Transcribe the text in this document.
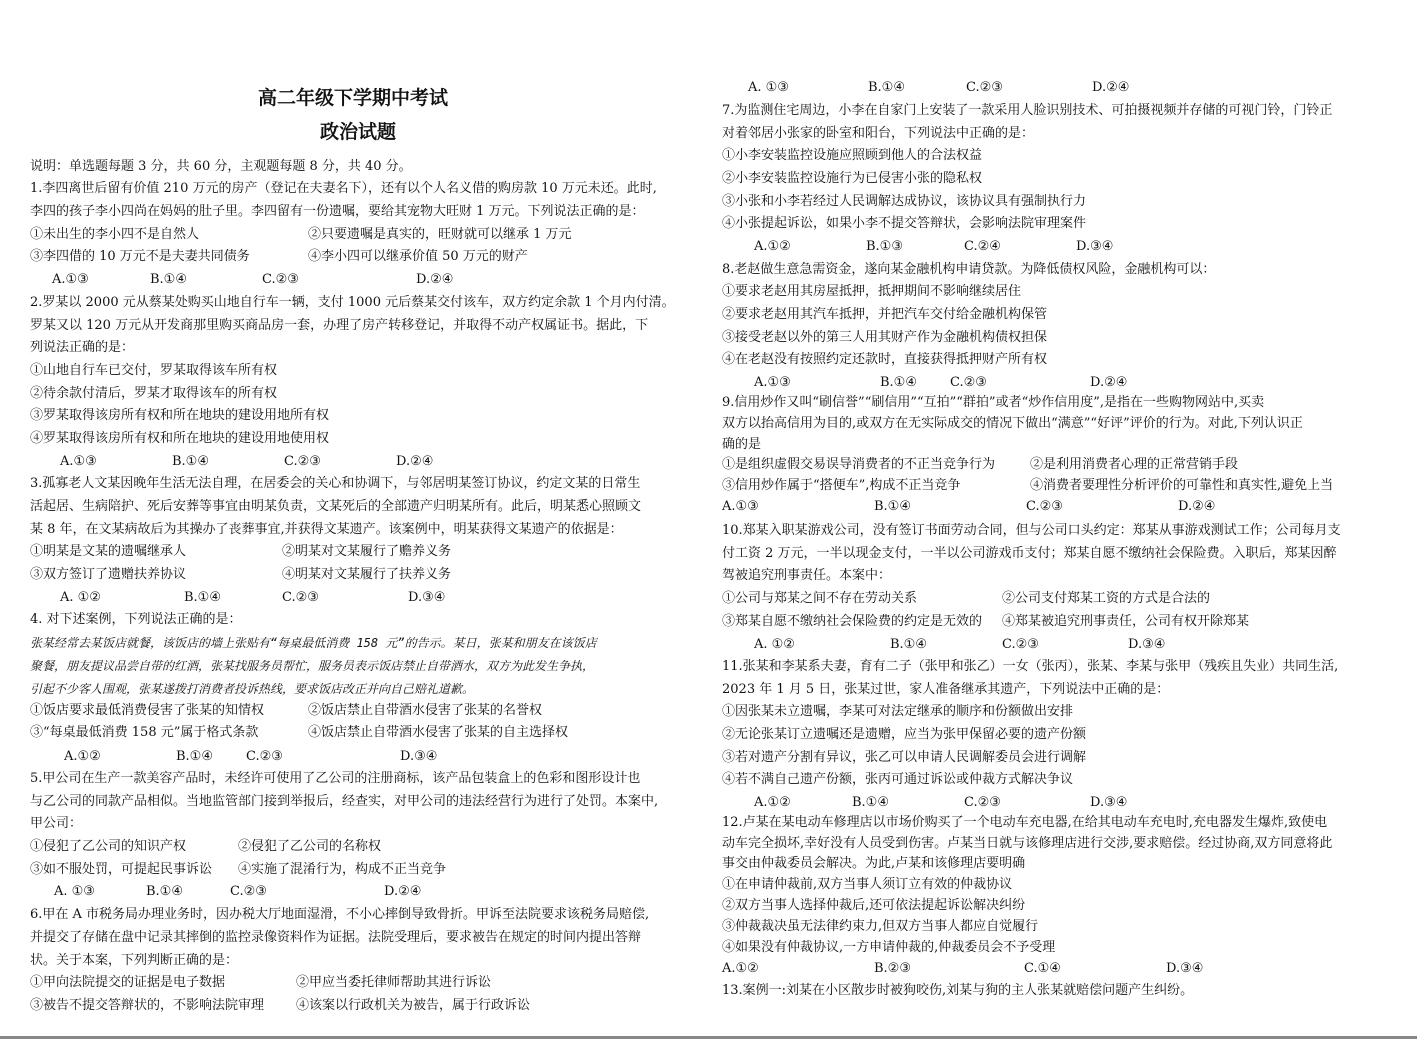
高二年级下学期中考试
政治试题
说明：单选题每题 3 分，共 60 分，主观题每题 8 分，共 40 分。
1.李四离世后留有价值 210 万元的房产（登记在夫妻名下），还有以个人名义借的购房款 10 万元未还。此时,
李四的孩子李小四尚在妈妈的肚子里。李四留有一份遗嘱，要给其宠物大旺财 1 万元。下列说法正确的是：
①未出生的李小四不是自然人	②只要遗嘱是真实的，旺财就可以继承 1 万元
③李四借的 10 万元不是夫妻共同债务	④李小四可以继承价值 50 万元的财产
A.①③	B.①④	C.②③	D.②④
2.罗某以 2000 元从蔡某处购买山地自行车一辆，支付 1000 元后蔡某交付该车，双方约定余款 1 个月内付清。
罗某又以 120 万元从开发商那里购买商品房一套，办理了房产转移登记，并取得不动产权属证书。据此，下
列说法正确的是：
①山地自行车已交付，罗某取得该车所有权
②待余款付清后，罗某才取得该车的所有权
③罗某取得该房所有权和所在地块的建设用地所有权
④罗某取得该房所有权和所在地块的建设用地使用权
A.①③	B.①④	C.②③	D.②④
3.孤寡老人文某因晚年生活无法自理，在居委会的关心和协调下，与邻居明某签订协议，约定文某的日常生
活起居、生病陪护、死后安葬等事宜由明某负责，文某死后的全部遗产归明某所有。此后，明某悉心照顾文
某 8 年，在文某病故后为其操办了丧葬事宜,并获得文某遗产。该案例中，明某获得文某遗产的依据是：
①明某是文某的遗嘱继承人	②明某对文某履行了赡养义务
③双方签订了遗赠扶养协议	④明某对文某履行了扶养义务
A. ①②	B.①④	C.②③	D.③④
4. 对下述案例，下列说法正确的是：
张某经常去某饭店就餐，该饭店的墙上张贴有“每桌最低消费 158 元”的告示。某日，张某和朋友在该饭店
聚餐，朋友提议品尝自带的红酒，张某找服务员帮忙，服务员表示饭店禁止自带酒水，双方为此发生争执，
引起不少客人围观，张某遂拨打消费者投诉热线，要求饭店改正并向自己赔礼道歉。
①饭店要求最低消费侵害了张某的知情权	②饭店禁止自带酒水侵害了张某的名誉权
③“每桌最低消费 158 元”属于格式条款	④饭店禁止自带酒水侵害了张某的自主选择权
A.①②	B.①④	C.②③	D.③④
5.甲公司在生产一款美容产品时，未经许可使用了乙公司的注册商标，该产品包装盒上的色彩和图形设计也
与乙公司的同款产品相似。当地监管部门接到举报后，经查实，对甲公司的违法经营行为进行了处罚。本案中,
甲公司：
①侵犯了乙公司的知识产权	②侵犯了乙公司的名称权
③如不服处罚，可提起民事诉讼 ④实施了混淆行为，构成不正当竞争
A. ①③	B.①④	C.②③	D.②④
6.甲在 A 市税务局办理业务时，因办税大厅地面湿滑，不小心摔倒导致骨折。甲诉至法院要求该税务局赔偿,
并提交了存储在盘中记录其摔倒的监控录像资料作为证据。法院受理后，要求被告在规定的时间内提出答辩
状。关于本案，下列判断正确的是：
①甲向法院提交的证据是电子数据	②甲应当委托律师帮助其进行诉讼
③被告不提交答辩状的，不影响法院审理 ④该案以行政机关为被告，属于行政诉讼
A. ①③	B.①④	C.②③	D.②④
7.为监测住宅周边，小李在自家门上安装了一款采用人脸识别技术、可拍摄视频并存储的可视门铃，门铃正
对着邻居小张家的卧室和阳台，下列说法中正确的是：
①小李安装监控设施应照顾到他人的合法权益
②小李安装监控设施行为已侵害小张的隐私权
③小张和小李若经过人民调解达成协议，该协议具有强制执行力
④小张提起诉讼，如果小李不提交答辩状，会影响法院审理案件
A.①②	B.①③	C.②④	D.③④
8.老赵做生意急需资金，遂向某金融机构申请贷款。为降低债权风险，金融机构可以：
①要求老赵用其房屋抵押，抵押期间不影响继续居住
②要求老赵用其汽车抵押，并把汽车交付给金融机构保管
③接受老赵以外的第三人用其财产作为金融机构债权担保
④在老赵没有按照约定还款时，直接获得抵押财产所有权
A.①③	B.①④	C.②③	D.②④
9.信用炒作又叫“刷信誉”“刷信用”“互拍”“群拍”或者“炒作信用度”,是指在一些购物网站中,买卖
双方以抬高信用为目的,或双方在无实际成交的情况下做出“满意”“好评”评价的行为。对此,下列认识正
确的是
①是组织虚假交易误导消费者的不正当竞争行为	②是利用消费者心理的正常营销手段
③信用炒作属于“搭便车”,构成不正当竞争	④消费者要理性分析评价的可靠性和真实性,避免上当
A.①③	B.①④	C.②③	D.②④
10.郑某入职某游戏公司，没有签订书面劳动合同，但与公司口头约定：郑某从事游戏测试工作；公司每月支
付工资 2 万元，一半以现金支付，一半以公司游戏币支付；郑某自愿不缴纳社会保险费。入职后，郑某因醉
驾被追究刑事责任。本案中：
①公司与郑某之间不存在劳动关系	②公司支付郑某工资的方式是合法的
③郑某自愿不缴纳社会保险费的约定是无效的 ④郑某被追究刑事责任，公司有权开除郑某
A. ①②	B.①④	C.②③	D.③④
11.张某和李某系夫妻，育有二子（张甲和张乙）一女（张丙），张某、李某与张甲（残疾且失业）共同生活,
2023 年 1 月 5 日，张某过世，家人准备继承其遗产，下列说法中正确的是：
①因张某未立遗嘱，李某可对法定继承的顺序和份额做出安排
②无论张某订立遗嘱还是遗赠，应当为张甲保留必要的遗产份额
③若对遗产分割有异议，张乙可以申请人民调解委员会进行调解
④若不满自己遗产份额，张丙可通过诉讼或仲裁方式解决争议
A.①②	B.①④	C.②③	D.③④
12.卢某在某电动车修理店以市场价购买了一个电动车充电器,在给其电动车充电时,充电器发生爆炸,致使电
动车完全损坏,幸好没有人员受到伤害。卢某当日就与该修理店进行交涉,要求赔偿。经过协商,双方同意将此
事交由仲裁委员会解决。为此,卢某和该修理店要明确
①在申请仲裁前,双方当事人须订立有效的仲裁协议
②双方当事人选择仲裁后,还可依法提起诉讼解决纠纷
③仲裁裁决虽无法律约束力,但双方当事人都应自觉履行
④如果没有仲裁协议,一方申请仲裁的,仲裁委员会不予受理
A.①②	B.②③	C.①④	D.③④
13.案例一:刘某在小区散步时被狗咬伤,刘某与狗的主人张某就赔偿问题产生纠纷。
